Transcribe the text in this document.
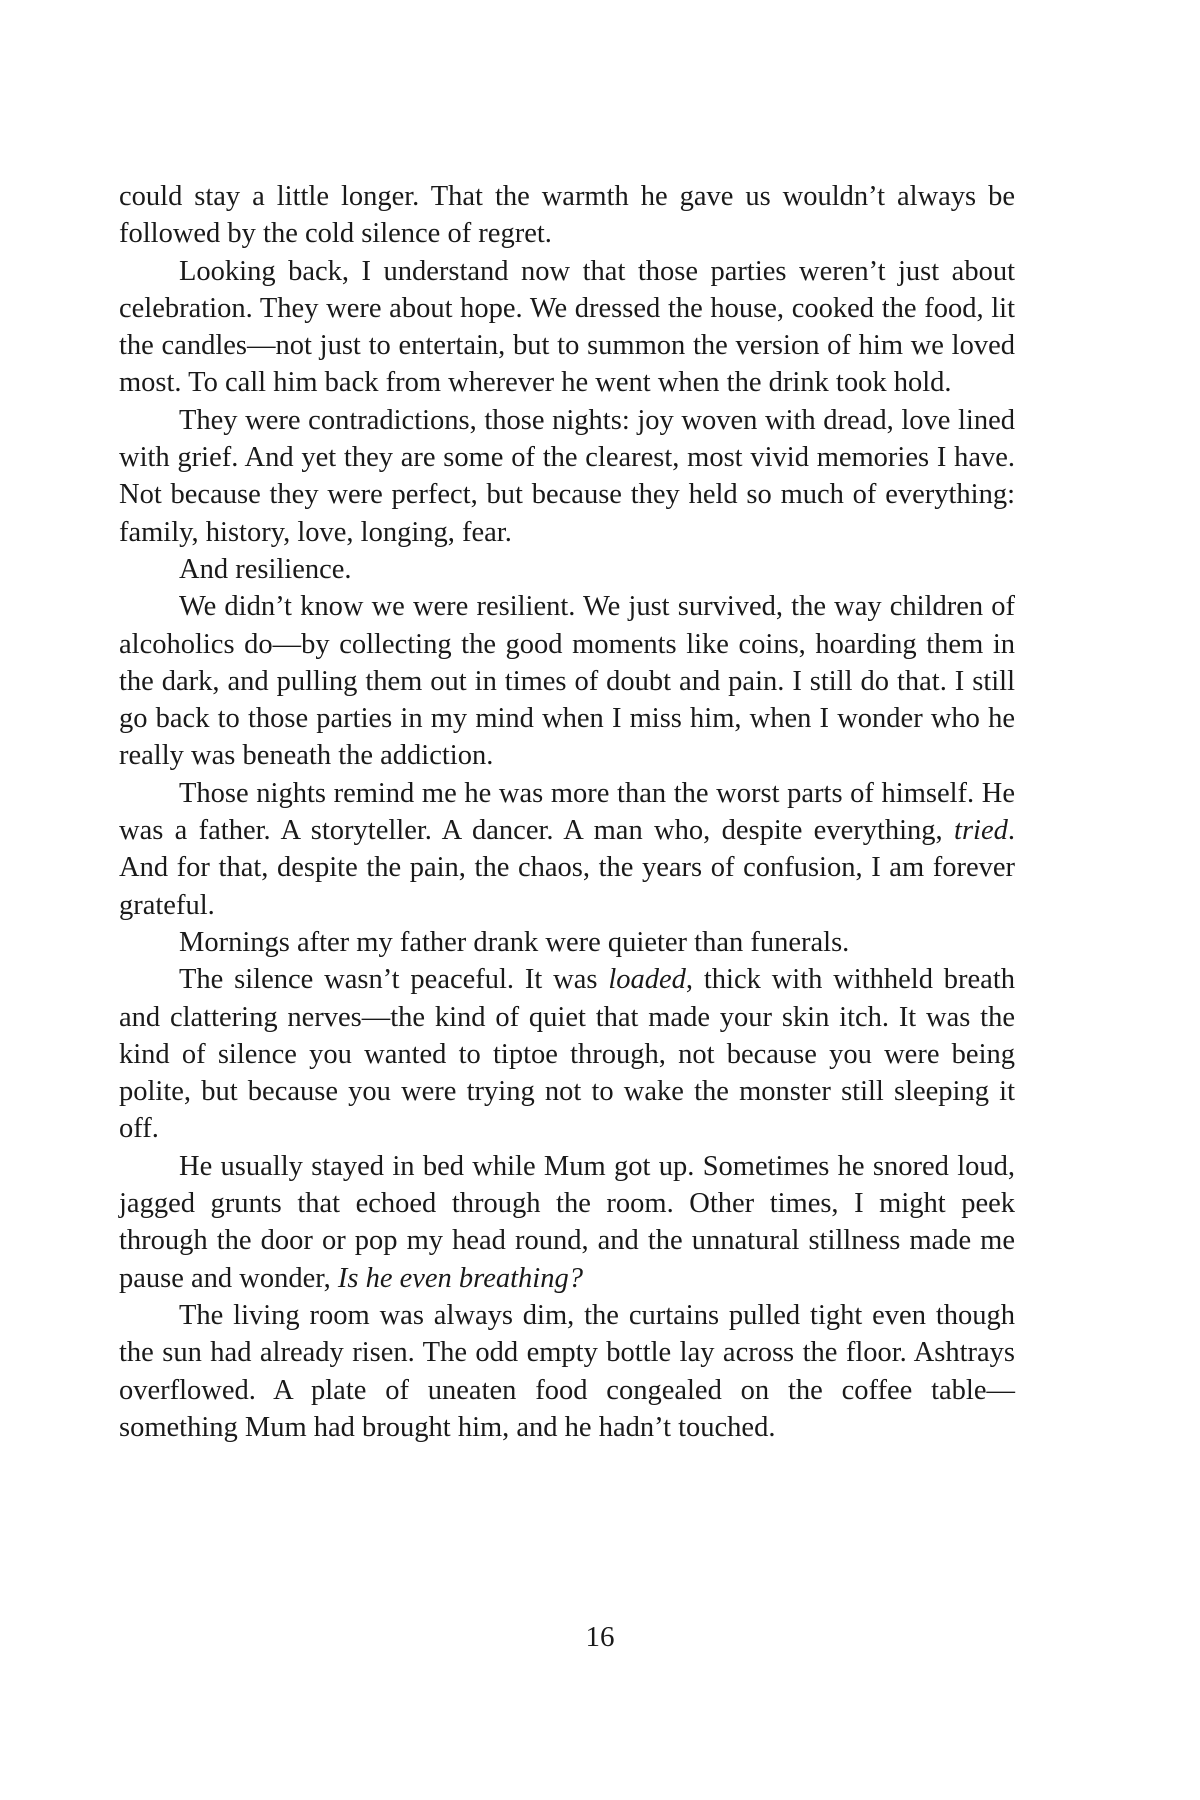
could stay a little longer. That the warmth he gave us wouldn’t always be followed by the cold silence of regret.

Looking back, I understand now that those parties weren’t just about celebration. They were about hope. We dressed the house, cooked the food, lit the candles—not just to entertain, but to summon the version of him we loved most. To call him back from wherever he went when the drink took hold.

They were contradictions, those nights: joy woven with dread, love lined with grief. And yet they are some of the clearest, most vivid memories I have. Not because they were perfect, but because they held so much of everything: family, history, love, longing, fear.

And resilience.

We didn’t know we were resilient. We just survived, the way children of alcoholics do—by collecting the good moments like coins, hoarding them in the dark, and pulling them out in times of doubt and pain. I still do that. I still go back to those parties in my mind when I miss him, when I wonder who he really was beneath the addiction.

Those nights remind me he was more than the worst parts of himself. He was a father. A storyteller. A dancer. A man who, despite everything, tried. And for that, despite the pain, the chaos, the years of confusion, I am forever grateful.

Mornings after my father drank were quieter than funerals.

The silence wasn’t peaceful. It was loaded, thick with withheld breath and clattering nerves—the kind of quiet that made your skin itch. It was the kind of silence you wanted to tiptoe through, not because you were being polite, but because you were trying not to wake the monster still sleeping it off.

He usually stayed in bed while Mum got up. Sometimes he snored loud, jagged grunts that echoed through the room. Other times, I might peek through the door or pop my head round, and the unnatural stillness made me pause and wonder, Is he even breathing?

The living room was always dim, the curtains pulled tight even though the sun had already risen. The odd empty bottle lay across the floor. Ashtrays overflowed. A plate of uneaten food congealed on the coffee table—something Mum had brought him, and he hadn’t touched.

16
